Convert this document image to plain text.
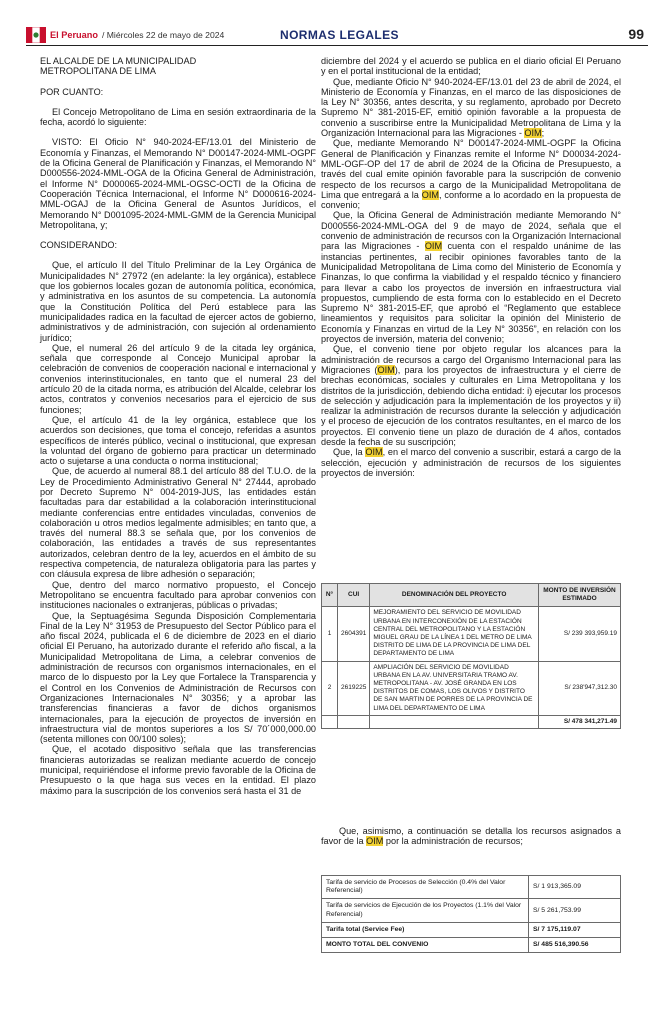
El Peruano / Miércoles 22 de mayo de 2024	NORMAS LEGALES	99

EL ALCALDE DE LA MUNICIPALIDAD

METROPOLITANA DE LIMA

POR CUANTO:

El Concejo Metropolitano de Lima en sesión extraordinaria de la fecha, acordó lo siguiente:

VISTO: El Oficio N° 940-2024-EF/13.01 del Ministerio de Economía y Finanzas, el Memorando N° D00147-2024-MML-OGPF de la Oficina General de Planificación y Finanzas, el Memorando N° D000556-2024-MML-OGA de la Oficina General de Administración, el Informe N° D000065-2024-MML-OGSC-OCTI de la Oficina de Cooperación Técnica Internacional, el Informe N° D000616-2024-MML-OGAJ de la Oficina General de Asuntos Jurídicos, el Memorando N° D001095-2024-MML-GMM de la Gerencia Municipal Metropolitana, y;

CONSIDERANDO:

Que, el artículo II del Título Preliminar de la Ley Orgánica de Municipalidades N° 27972 (en adelante: la ley orgánica), establece que los gobiernos locales gozan de autonomía política, económica, y administrativa en los asuntos de su competencia. La autonomía que la Constitución Política del Perú establece para las municipalidades radica en la facultad de ejercer actos de gobierno, administrativos y de administración, con sujeción al ordenamiento jurídico;

Que, el numeral 26 del artículo 9 de la citada ley orgánica, señala que corresponde al Concejo Municipal aprobar la celebración de convenios de cooperación nacional e internacional y convenios interinstitucionales, en tanto que el numeral 23 del artículo 20 de la citada norma, es atribución del Alcalde, celebrar los actos, contratos y convenios necesarios para el ejercicio de sus funciones;

Que, el artículo 41 de la ley orgánica, establece que los acuerdos son decisiones, que toma el concejo, referidas a asuntos específicos de interés público, vecinal o institucional, que expresan la voluntad del órgano de gobierno para practicar un determinado acto o sujetarse a una conducta o norma institucional;

Que, de acuerdo al numeral 88.1 del artículo 88 del T.U.O. de la Ley de Procedimiento Administrativo General N° 27444, aprobado por Decreto Supremo N° 004-2019-JUS, las entidades están facultadas para dar estabilidad a la colaboración interinstitucional mediante conferencias entre entidades vinculadas, convenios de colaboración u otros medios legalmente admisibles; en tanto que, a través del numeral 88.3 se señala que, por los convenios de colaboración, las entidades a través de sus representantes autorizados, celebran dentro de la ley, acuerdos en el ámbito de su respectiva competencia, de naturaleza obligatoria para las partes y con cláusula expresa de libre adhesión o separación;

Que, dentro del marco normativo propuesto, el Concejo Metropolitano se encuentra facultado para aprobar convenios con instituciones nacionales o extranjeras, públicas o privadas;

Que, la Septuagésima Segunda Disposición Complementaria Final de la Ley N° 31953 de Presupuesto del Sector Público para el año fiscal 2024, publicada el 6 de diciembre de 2023 en el diario oficial El Peruano, ha autorizado durante el referido año fiscal, a la Municipalidad Metropolitana de Lima, a celebrar convenios de administración de recursos con organismos internacionales, en el marco de lo dispuesto por la Ley que Fortalece la Transparencia y el Control en los Convenios de Administración de Recursos con Organizaciones Internacionales N° 30356; y a aprobar las transferencias financieras a favor de dichos organismos internacionales, para la ejecución de proyectos de inversión en infraestructura vial de montos superiores a los S/ 70´000,000.00 (setenta millones con 00/100 soles);

Que, el acotado dispositivo señala que las transferencias financieras autorizadas se realizan mediante acuerdo de concejo municipal, requiriéndose el informe previo favorable de la Oficina de Presupuesto o la que haga sus veces en la entidad. El plazo máximo para la suscripción de los convenios será hasta el 31 de

diciembre del 2024 y el acuerdo se publica en el diario oficial El Peruano y en el portal institucional de la entidad;

Que, mediante Oficio N° 940-2024-EF/13.01 del 23 de abril de 2024, el Ministerio de Economía y Finanzas, en el marco de las disposiciones de la Ley N° 30356, antes descrita, y su reglamento, aprobado por Decreto Supremo N° 381-2015-EF, emitió opinión favorable a la propuesta de convenio a suscribirse entre la Municipalidad Metropolitana de Lima y la Organización Internacional para las Migraciones - OIM;

Que, mediante Memorando N° D00147-2024-MML-OGPF la Oficina General de Planificación y Finanzas remite el Informe N° D00034-2024-MML-OGF-OP del 17 de abril de 2024 de la Oficina de Presupuesto, a través del cual emite opinión favorable para la suscripción de convenio respecto de los recursos a cargo de la Municipalidad Metropolitana de Lima que entregará a la OIM, conforme a lo acordado en la propuesta de convenio;

Que, la Oficina General de Administración mediante Memorando N° D000556-2024-MML-OGA del 9 de mayo de 2024, señala que el convenio de administración de recursos con la Organización Internacional para las Migraciones - OIM cuenta con el respaldo unánime de las instancias pertinentes, al recibir opiniones favorables tanto de la Municipalidad Metropolitana de Lima como del Ministerio de Economía y Finanzas, lo que confirma la viabilidad y el respaldo técnico y financiero para llevar a cabo los proyectos de inversión en infraestructura vial propuestos, cumpliendo de esta forma con lo establecido en el Decreto Supremo N° 381-2015-EF, que aprobó el “Reglamento que establece lineamientos y requisitos para solicitar la opinión del Ministerio de Economía y Finanzas en virtud de la Ley N° 30356”, en relación con los proyectos de inversión, materia del convenio;

Que, el convenio tiene por objeto regular los alcances para la administración de recursos a cargo del Organismo Internacional para las Migraciones (OIM), para los proyectos de infraestructura y el cierre de brechas económicas, sociales y culturales en Lima Metropolitana y los distritos de la jurisdicción, debiendo dicha entidad: i) ejecutar los procesos de selección y adjudicación para la implementación de los proyectos y ii) realizar la administración de recursos durante la selección y adjudicación y el proceso de ejecución de los contratos resultantes, en el marco de los proyectos. El convenio tiene un plazo de duración de 4 años, contados desde la fecha de su suscripción;

Que, la OIM, en el marco del convenio a suscribir, estará a cargo de la selección, ejecución y administración de recursos de los siguientes proyectos de inversión:

N°	CUI	DENOMINACIÓN DEL PROYECTO	MONTO DE INVERSIÓN ESTIMADO
1	2604391	MEJORAMIENTO DEL SERVICIO DE MOVILIDAD URBANA EN INTERCONEXIÓN DE LA ESTACIÓN CENTRAL DEL METROPOLITANO Y LA ESTACIÓN MIGUEL GRAU DE LA LÍNEA 1 DEL METRO DE LIMA DISTRITO DE LIMA DE LA PROVINCIA DE LIMA DEL DEPARTAMENTO DE LIMA	S/ 239 393,959.19
2	2619225	AMPLIACIÓN DEL SERVICIO DE MOVILIDAD URBANA EN LA AV. UNIVERSITARIA TRAMO AV. METROPOLITANA - AV. JOSÉ GRANDA EN LOS DISTRITOS DE COMAS, LOS OLIVOS Y DISTRITO DE SAN MARTIN DE PORRES DE LA PROVINCIA DE LIMA DEL DEPARTAMENTO DE LIMA	S/ 238'947,312.30
			S/ 478 341,271.49

Que, asimismo, a continuación se detalla los recursos asignados a favor de la OIM por la administración de recursos;

Tarifa de servicio de Procesos de Selección (0.4% del Valor Referencial)	S/ 1 913,365.09
Tarifa de servicios de Ejecución de los Proyectos (1.1% del Valor Referencial)	S/ 5 261,753.99
Tarifa total (Service Fee)	S/ 7 175,119.07
MONTO TOTAL DEL CONVENIO	S/ 485 516,390.56
